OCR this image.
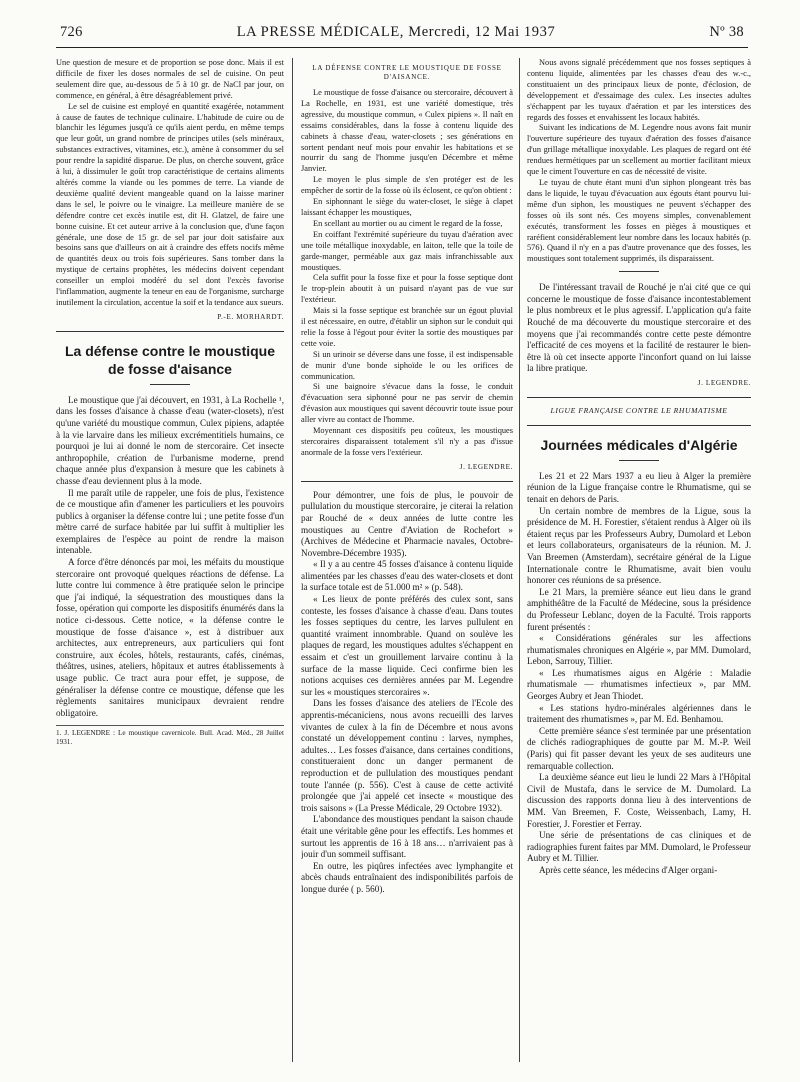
726	LA PRESSE MÉDICALE, Mercredi, 12 Mai 1937	Nº 38

Une question de mesure et de proportion se pose donc. Mais il est difficile de fixer les doses normales de sel de cuisine. On peut seulement dire que, au-dessous de 5 à 10 gr. de NaCl par jour, on commence, en général, à être désagréablement privé.

Le sel de cuisine est employé en quantité exagérée, notamment à cause de fautes de technique culinaire. L'habitude de cuire ou de blanchir les légumes jusqu'à ce qu'ils aient perdu, en même temps que leur goût, un grand nombre de principes utiles (sels minéraux, substances extractives, vitamines, etc.), amène à consommer du sel pour rendre la sapidité disparue. De plus, on cherche souvent, grâce à lui, à dissimuler le goût trop caractéristique de certains aliments altérés comme la viande ou les pommes de terre. La viande de deuxième qualité devient mangeable quand on la laisse mariner dans le sel, le poivre ou le vinaigre. La meilleure manière de se défendre contre cet excès inutile est, dit H. Glatzel, de faire une bonne cuisine. Et cet auteur arrive à la conclusion que, d'une façon générale, une dose de 15 gr. de sel par jour doit satisfaire aux besoins sans que d'ailleurs on ait à craindre des effets nocifs même de quantités deux ou trois fois supérieures. Sans tomber dans la mystique de certains prophètes, les médecins doivent cependant conseiller un emploi modéré du sel dont l'excès favorise l'inflammation, augmente la teneur en eau de l'organisme, surcharge inutilement la circulation, accentue la soif et la tendance aux sueurs.

P.-E. MORHARDT.
La défense contre le moustique de fosse d'aisance

Le moustique que j'ai découvert, en 1931, à La Rochelle ¹, dans les fosses d'aisance à chasse d'eau (water-closets), n'est qu'une variété du moustique commun, Culex pipiens, adaptée à la vie larvaire dans les milieux excrémentitiels humains, ce pourquoi je lui ai donné le nom de stercoraire. Cet insecte anthropophile, création de l'urbanisme moderne, prend chaque année plus d'expansion à mesure que les cabinets à chasse d'eau deviennent plus à la mode.

Il me paraît utile de rappeler, une fois de plus, l'existence de ce moustique afin d'amener les particuliers et les pouvoirs publics à organiser la défense contre lui ; une petite fosse d'un mètre carré de surface habitée par lui suffit à multiplier les exemplaires de l'espèce au point de rendre la maison intenable.

A force d'être dénoncés par moi, les méfaits du moustique stercoraire ont provoqué quelques réactions de défense. La lutte contre lui commence à être pratiquée selon le principe que j'ai indiqué, la séquestration des moustiques dans la fosse, opération qui comporte les dispositifs énumérés dans la notice ci-dessous. Cette notice, « la défense contre le moustique de fosse d'aisance », est à distribuer aux architectes, aux entrepreneurs, aux particuliers qui font construire, aux écoles, hôtels, restaurants, cafés, cinémas, théâtres, usines, ateliers, hôpitaux et autres établissements à usage public. Ce tract aura pour effet, je suppose, de généraliser la défense contre ce moustique, défense que les règlements sanitaires municipaux devraient rendre obligatoire.

1. J. LEGENDRE : Le moustique cavernicole. Bull. Acad. Méd., 28 Juillet 1931.
LA DÉFENSE CONTRE LE MOUSTIQUE DE FOSSE D'AISANCE.

Le moustique de fosse d'aisance ou stercoraire, découvert à La Rochelle, en 1931, est une variété domestique, très agressive, du moustique commun, « Culex pipiens ». Il naît en essaims considérables, dans la fosse à contenu liquide des cabinets à chasse d'eau, water-closets ; ses générations en sortent pendant neuf mois pour envahir les habitations et se nourrir du sang de l'homme jusqu'en Décembre et même Janvier.

Le moyen le plus simple de s'en protéger est de les empêcher de sortir de la fosse où ils éclosent, ce qu'on obtient :

En siphonnant le siège du water-closet, le siège à clapet laissant échapper les moustiques,

En scellant au mortier ou au ciment le regard de la fosse,

En coiffant l'extrémité supérieure du tuyau d'aération avec une toile métallique inoxydable, en laiton, telle que la toile de garde-manger, perméable aux gaz mais infranchissable aux moustiques.

Cela suffit pour la fosse fixe et pour la fosse septique dont le trop-plein aboutit à un puisard n'ayant pas de vue sur l'extérieur.

Mais si la fosse septique est branchée sur un égout pluvial il est nécessaire, en outre, d'établir un siphon sur le conduit qui relie la fosse à l'égout pour éviter la sortie des moustiques par cette voie.

Si un urinoir se déverse dans une fosse, il est indispensable de munir d'une bonde siphoïde le ou les orifices de communication.

Si une baignoire s'évacue dans la fosse, le conduit d'évacuation sera siphonné pour ne pas servir de chemin d'évasion aux moustiques qui savent découvrir toute issue pour aller vivre au contact de l'homme.

Moyennant ces dispositifs peu coûteux, les moustiques stercoraires disparaissent totalement s'il n'y a pas d'issue anormale de la fosse vers l'extérieur.

J. LEGENDRE.

Pour démontrer, une fois de plus, le pouvoir de pullulation du moustique stercoraire, je citerai la relation par Rouché de « deux années de lutte contre les moustiques au Centre d'Aviation de Rochefort » (Archives de Médecine et Pharmacie navales, Octobre-Novembre-Décembre 1935).

« Il y a au centre 45 fosses d'aisance à contenu liquide alimentées par les chasses d'eau des water-closets et dont la surface totale est de 51.000 m² » (p. 548).

« Les lieux de ponte préférés des culex sont, sans conteste, les fosses d'aisance à chasse d'eau. Dans toutes les fosses septiques du centre, les larves pullulent en quantité vraiment innombrable. Quand on soulève les plaques de regard, les moustiques adultes s'échappent en essaim et c'est un grouillement larvaire continu à la surface de la masse liquide. Ceci confirme bien les notions acquises ces dernières années par M. Legendre sur les « moustiques stercoraires ».

Dans les fosses d'aisance des ateliers de l'Ecole des apprentis-mécaniciens, nous avons recueilli des larves vivantes de culex à la fin de Décembre et nous avons constaté un développement continu : larves, nymphes, adultes… Les fosses d'aisance, dans certaines conditions, constitueraient donc un danger permanent de reproduction et de pullulation des moustiques pendant toute l'année (p. 556). C'est à cause de cette activité prolongée que j'ai appelé cet insecte « moustique des trois saisons » (La Presse Médicale, 29 Octobre 1932).

L'abondance des moustiques pendant la saison chaude était une véritable gêne pour les effectifs. Les hommes et surtout les apprentis de 16 à 18 ans… n'arrivaient pas à jouir d'un sommeil suffisant.

En outre, les piqûres infectées avec lymphangite et abcès chauds entraînaient des indisponibilités parfois de longue durée ( p. 560).

Nous avons signalé précédemment que nos fosses septiques à contenu liquide, alimentées par les chasses d'eau des w.-c., constituaient un des principaux lieux de ponte, d'éclosion, de développement et d'essaimage des culex. Les insectes adultes s'échappent par les tuyaux d'aération et par les interstices des regards des fosses et envahissent les locaux habités.

Suivant les indications de M. Legendre nous avons fait munir l'ouverture supérieure des tuyaux d'aération des fosses d'aisance d'un grillage métallique inoxydable. Les plaques de regard ont été rendues hermétiques par un scellement au mortier facilitant mieux que le ciment l'ouverture en cas de nécessité de visite.

Le tuyau de chute étant muni d'un siphon plongeant très bas dans le liquide, le tuyau d'évacuation aux égouts étant pourvu lui-même d'un siphon, les moustiques ne peuvent s'échapper des fosses où ils sont nés. Ces moyens simples, convenablement exécutés, transforment les fosses en pièges à moustiques et raréfient considérablement leur nombre dans les locaux habités (p. 576). Quand il n'y en a pas d'autre provenance que des fosses, les moustiques sont totalement supprimés, ils disparaissent.

De l'intéressant travail de Rouché je n'ai cité que ce qui concerne le moustique de fosse d'aisance incontestablement le plus nombreux et le plus agressif. L'application qu'a faite Rouché de ma découverte du moustique stercoraire et des moyens que j'ai recommandés contre cette peste démontre l'efficacité de ces moyens et la facilité de restaurer le bien-être là où cet insecte apporte l'inconfort quand on lui laisse la libre pratique.

J. LEGENDRE.
LIGUE FRANÇAISE CONTRE LE RHUMATISME
Journées médicales d'Algérie

Les 21 et 22 Mars 1937 a eu lieu à Alger la première réunion de la Ligue française contre le Rhumatisme, qui se tenait en dehors de Paris.

Un certain nombre de membres de la Ligue, sous la présidence de M. H. Forestier, s'étaient rendus à Alger où ils étaient reçus par les Professeurs Aubry, Dumolard et Lebon et leurs collaborateurs, organisateurs de la réunion. M. J. Van Breemen (Amsterdam), secrétaire général de la Ligue Internationale contre le Rhumatisme, avait bien voulu honorer ces réunions de sa présence.

Le 21 Mars, la première séance eut lieu dans le grand amphithéâtre de la Faculté de Médecine, sous la présidence du Professeur Leblanc, doyen de la Faculté. Trois rapports furent présentés :

« Considérations générales sur les affections rhumatismales chroniques en Algérie », par MM. Dumolard, Lebon, Sarrouy, Tillier.

« Les rhumatismes aigus en Algérie : Maladie rhumatismale — rhumatismes infectieux », par MM. Georges Aubry et Jean Thiodet.

« Les stations hydro-minérales algériennes dans le traitement des rhumatismes », par M. Ed. Benhamou.

Cette première séance s'est terminée par une présentation de clichés radiographiques de goutte par M. M.-P. Weil (Paris) qui fit passer devant les yeux de ses auditeurs une remarquable collection.

La deuxième séance eut lieu le lundi 22 Mars à l'Hôpital Civil de Mustafa, dans le service de M. Dumolard. La discussion des rapports donna lieu à des interventions de MM. Van Breemen, F. Coste, Weissenbach, Lamy, H. Forestier, J. Forestier et Ferray.

Une série de présentations de cas cliniques et de radiographies furent faites par MM. Dumolard, le Professeur Aubry et M. Tillier.

Après cette séance, les médecins d'Alger organi-
